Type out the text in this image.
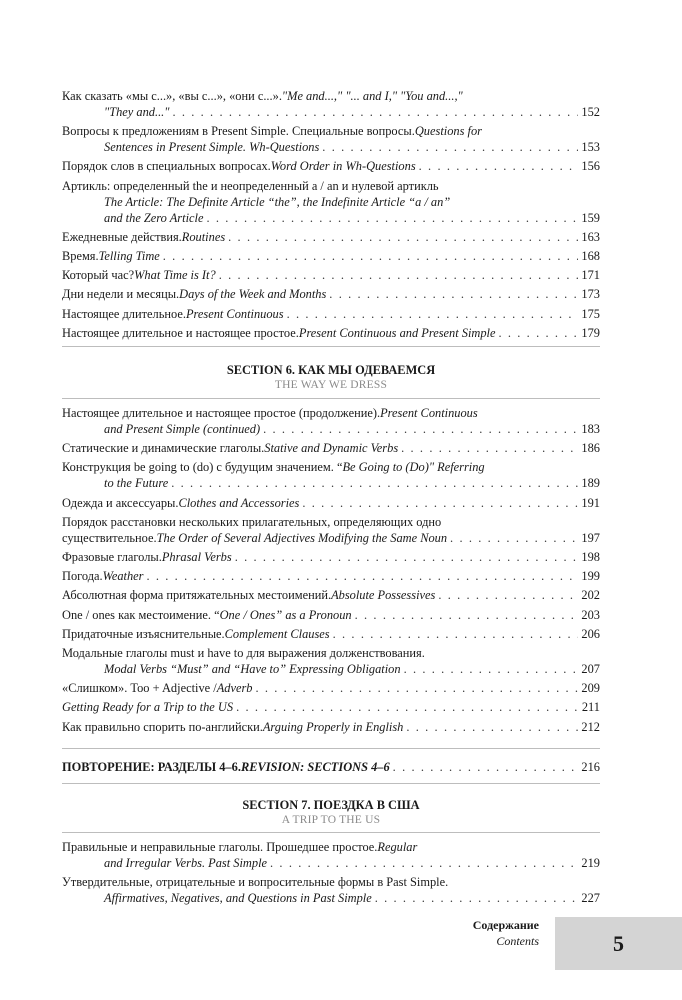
Как сказать «мы с...», «вы с...», «они с...». "Me and...," "... and I," "You and...,"
"They and..." . . .	152
Вопросы к предложениям в Present Simple. Специальные вопросы. Questions for
Sentences in Present Simple. Wh-Questions . . .	153
Порядок слов в специальных вопросах. Word Order in Wh-Questions . . .	156
Артикль: определенный the и неопределенный a / an и нулевой артикль
The Article: The Definite Article “the”, the Indefinite Article “a / an”
and the Zero Article . . .	159
Ежедневные действия. Routines . . .	163
Время. Telling Time . . .	168
Который час? What Time is It? . . .	171
Дни недели и месяцы. Days of the Week and Months . . .	173
Настоящее длительное. Present Continuous . . .	175
Настоящее длительное и настоящее простое. Present Continuous and Present Simple . . .	179
SECTION 6. КАК МЫ ОДЕВАЕМСЯ
THE WAY WE DRESS
Настоящее длительное и настоящее простое (продолжение). Present Continuous
and Present Simple (continued) . . .	183
Статические и динамические глаголы. Stative and Dynamic Verbs . . .	186
Конструкция be going to (do) с будущим значением. “ Be Going to (Do)" Referring
to the Future . . .	189
Одежда и аксессуары. Clothes and Accessories . . .	191
Порядок расстановки нескольких прилагательных, определяющих одно
существительное. The Order of Several Adjectives Modifying the Same Noun . . .	197
Фразовые глаголы. Phrasal Verbs . . .	198
Погода. Weather . . .	199
Абсолютная форма притяжательных местоимений. Absolute Possessives . . .	202
One / ones как местоимение. “ One / Ones” as a Pronoun . . .	203
Придаточные изъяснительные. Complement Clauses . . .	206
Модальные глаголы must и have to для выражения долженствования.
Modal Verbs “Must” and “Have to” Expressing Obligation . . .	207
«Слишком». Too + Adjective / Adverb . . .	209
Getting Ready for a Trip to the US . . .	211
Как правильно спорить по-английски. Arguing Properly in English . . .	212
ПОВТОРЕНИЕ: РАЗДЕЛЫ 4–6. REVISION: SECTIONS 4–6 . . .	216
SECTION 7. ПОЕЗДКА В США
A TRIP TO THE US
Правильные и неправильные глаголы. Прошедшее простое. Regular
and Irregular Verbs. Past Simple . . .	219
Утвердительные, отрицательные и вопросительные формы в Past Simple.
Affirmatives, Negatives, and Questions in Past Simple . . .	227
Содержание
Contents	5
